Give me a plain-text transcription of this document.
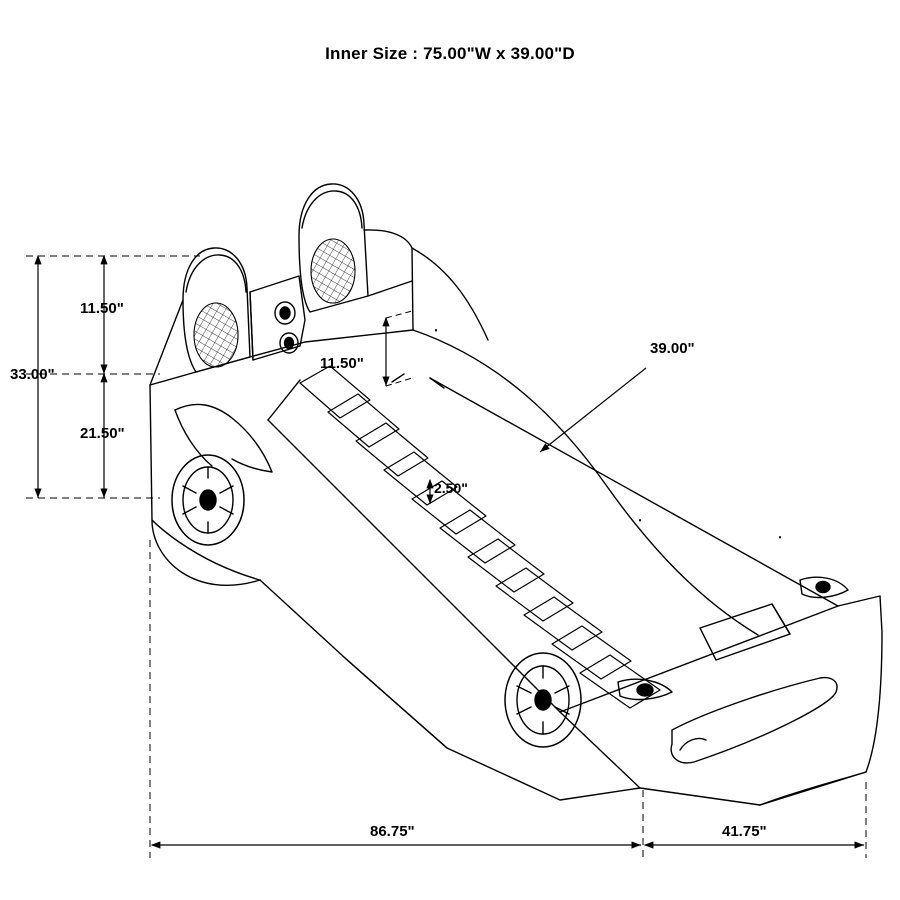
Inner Size : 75.00"W x 39.00"D
33.00"
11.50"
21.50"
11.50"
2.50"
39.00"
86.75"	41.75"
